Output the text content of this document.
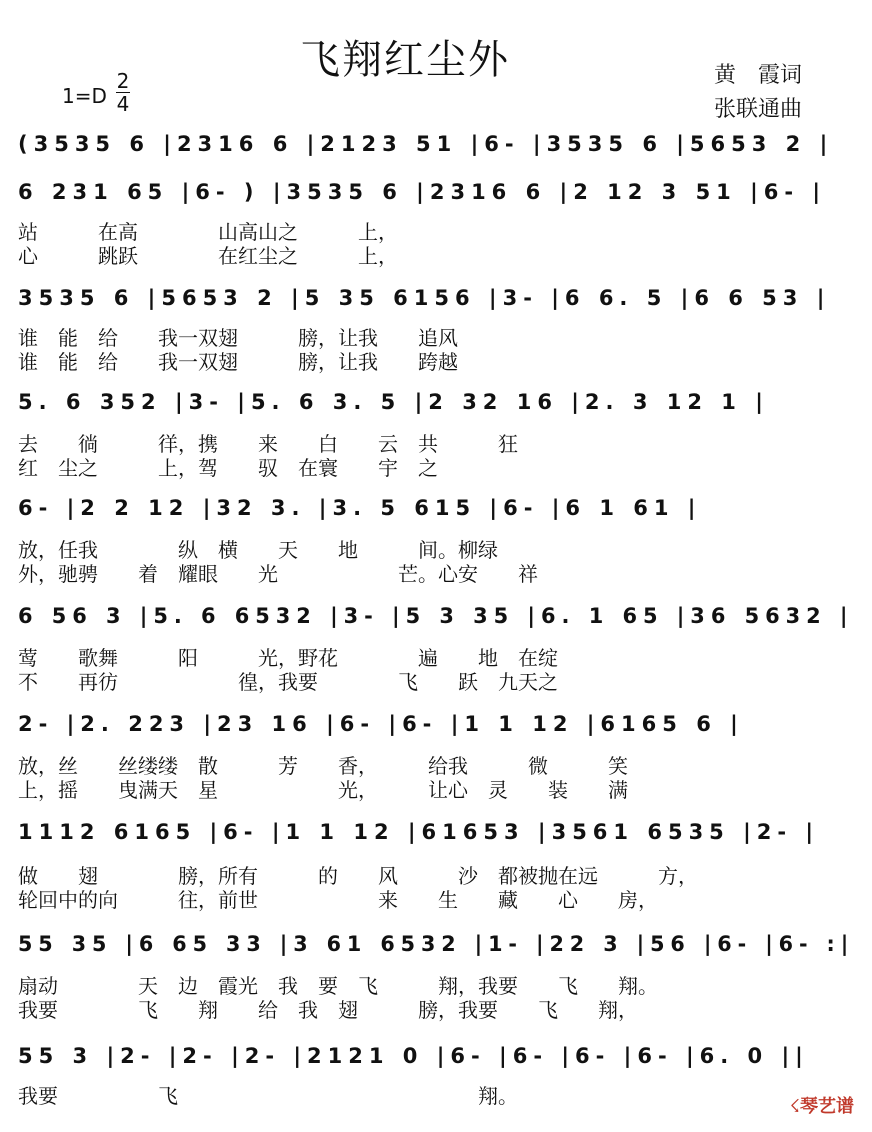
飞翔红尘外	黄　霞词
张联通曲
1=D
2
4
(3535 6 |2316 6 |2123 51 |6- |3535 6 |5653 2 |
6 231 65 |6- ) |3535 6 |2316 6 |2 12 3 51 |6- |
站　　　在高　　　　山高山之　　　上，
心　　　跳跃　　　　在红尘之　　　上，
3535 6 |5653 2 |5 35 6156 |3- |6 6. 5 |6 6 53 |
谁　能　给　　我一双翅　　　膀，让我　　追风
谁　能　给　　我一双翅　　　膀，让我　　跨越
5. 6 352 |3- |5. 6 3. 5 |2 32 16 |2. 3 12 1 |
去　　徜　　　徉，携　　来　　白　　云　共　　　狂
红　尘之　　　上，驾　　驭　在寰　　宇　之
6- |2 2 12 |32 3. |3. 5 615 |6- |6 1 61 |
放，任我　　　　纵　横　　天　　地　　　间。柳绿
外，驰骋　　着　耀眼　　光　　　　　　芒。心安　　祥
6 56 3 |5. 6 6532 |3- |5 3 35 |6. 1 65 |36 5632 |
莺　　歌舞　　　阳　　　光，野花　　　　遍　　地　在绽
不　　再彷　　　　　　徨，我要　　　　飞　　跃　九天之
2- |2. 223 |23 16 |6- |6- |1 1 12 |6165 6 |
放，丝　　丝缕缕　散　　　芳　　香，　　　给我　　　微　　　笑
上，摇　　曳满天　星　　　　　　光，　　　让心　灵　　装　　满
1112 6165 |6- |1 1 12 |61653 |3561 6535 |2- |
做　　翅　　　　膀，所有　　　的　　风　　　沙　都被抛在远　　　方，
轮回中的向　　　往，前世　　　　　　来　　生　　藏　　心　　房，
55 35 |6 65 33 |3 61 6532 |1- |22 3 |56 |6- |6- :|
扇动　　　　天　边　霞光　我　要　飞　　　翔，我要　　飞　　翔。
我要　　　　飞　　翔　　给　我　翅　　　膀，我要　　飞　　翔，
55 3 |2- |2- |2- |2121 0 |6- |6- |6- |6- |6. 0 ||
我要　　　　　飞　　　　　　　　　　　　　　　翔。	☇琴艺谱
